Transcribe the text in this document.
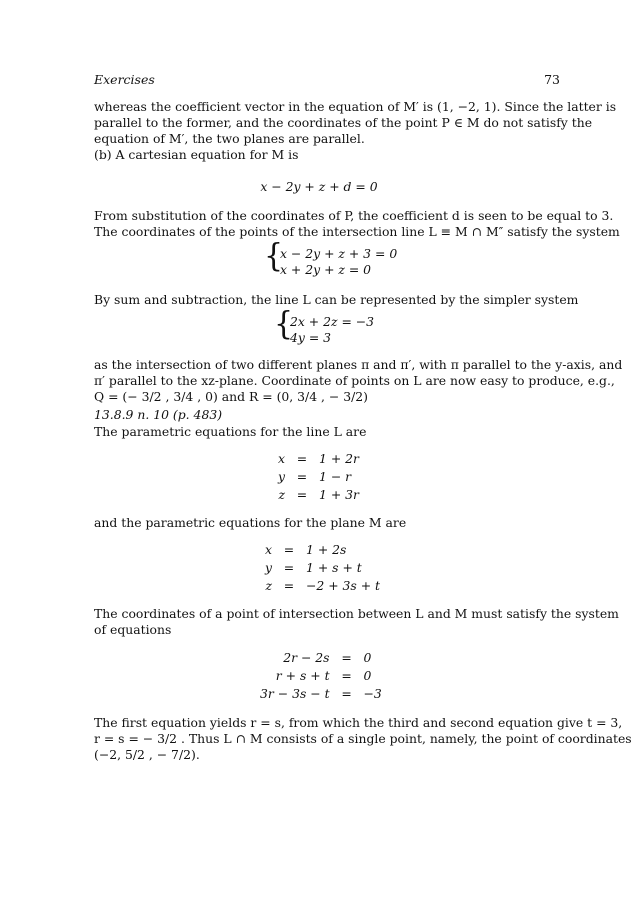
Exercises	73
whereas the coefficient vector in the equation of M′ is (1, −2, 1). Since the latter is
parallel to the former, and the coordinates of the point P ∈ M do not satisfy the
equation of M′, the two planes are parallel.
(b) A cartesian equation for M is
x − 2y + z + d = 0
From substitution of the coordinates of P, the coefficient d is seen to be equal to 3.
The coordinates of the points of the intersection line L ≡ M ∩ M″ satisfy the system
{
x − 2y + z + 3 = 0
x + 2y + z = 0
By sum and subtraction, the line L can be represented by the simpler system
{
2x + 2z = −3
4y = 3
as the intersection of two different planes π and π′, with π parallel to the y-axis, and
π′ parallel to the xz-plane. Coordinate of points on L are now easy to produce, e.g.,
Q = (− 3/2 , 3/4 , 0) and R = (0, 3/4 , − 3/2)
13.8.9 n. 10 (p. 483)
The parametric equations for the line L are
x	=	1 + 2r
y	=	1 − r
z	=	1 + 3r
and the parametric equations for the plane M are
x	=	1 + 2s
y	=	1 + s + t
z	=	−2 + 3s + t
The coordinates of a point of intersection between L and M must satisfy the system
of equations
2r − 2s	=	0
r + s + t	=	0
3r − 3s − t	=	−3
The first equation yields r = s, from which the third and second equation give t = 3,
r = s = − 3/2 . Thus L ∩ M consists of a single point, namely, the point of coordinates
(−2, 5/2 , − 7/2).
